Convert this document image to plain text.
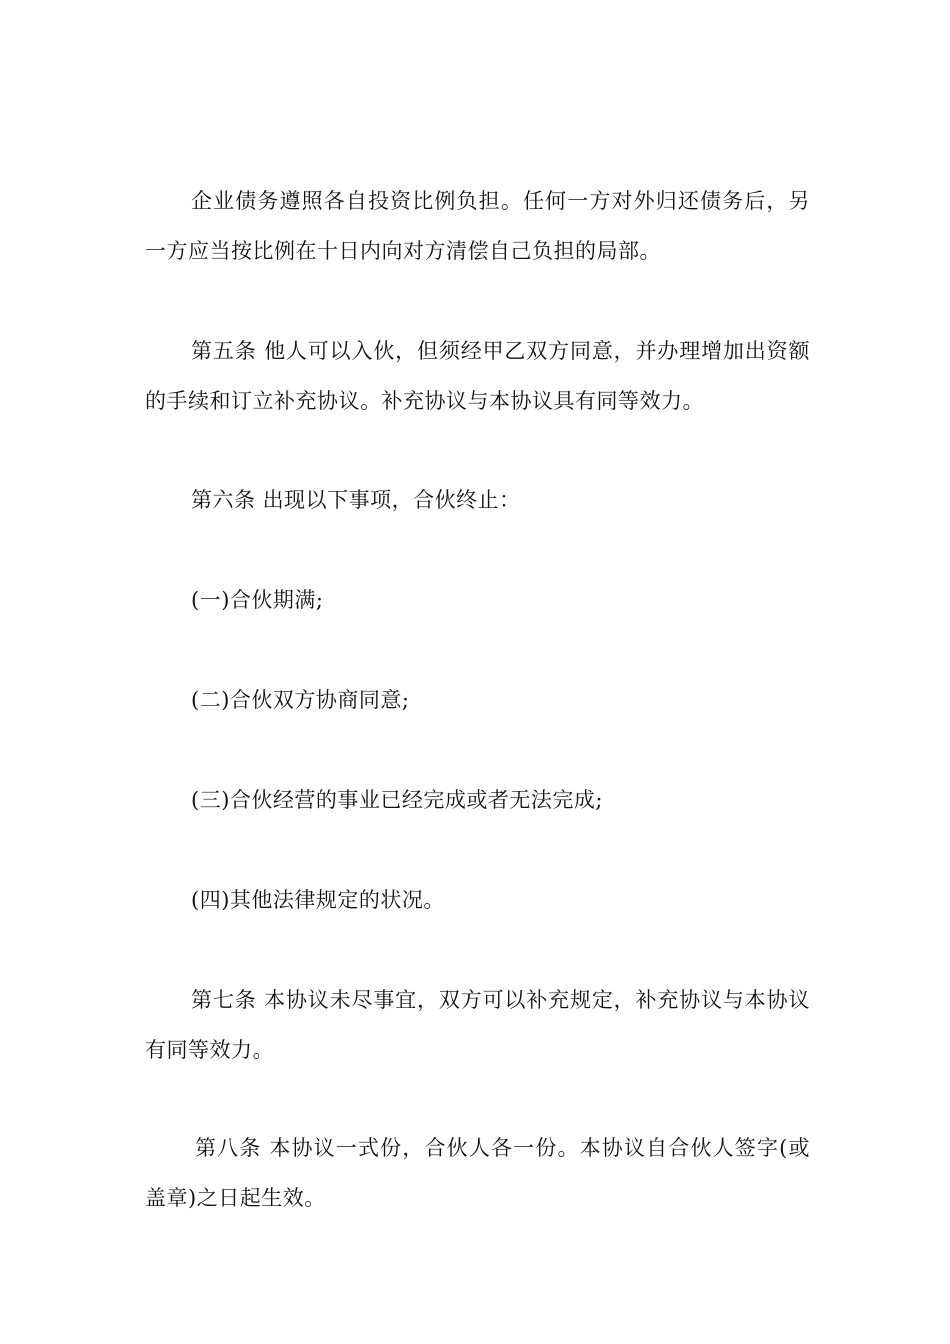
企业债务遵照各自投资比例负担。任何一方对外归还债务后，另一方应当按比例在十日内向对方清偿自己负担的局部。

第五条 他人可以入伙，但须经甲乙双方同意，并办理增加出资额的手续和订立补充协议。补充协议与本协议具有同等效力。

第六条 出现以下事项，合伙终止：

(一)合伙期满;

(二)合伙双方协商同意;

(三)合伙经营的事业已经完成或者无法完成;

(四)其他法律规定的状况。

第七条 本协议未尽事宜，双方可以补充规定，补充协议与本协议有同等效力。

第八条 本协议一式份，合伙人各一份。本协议自合伙人签字(或盖章)之日起生效。
